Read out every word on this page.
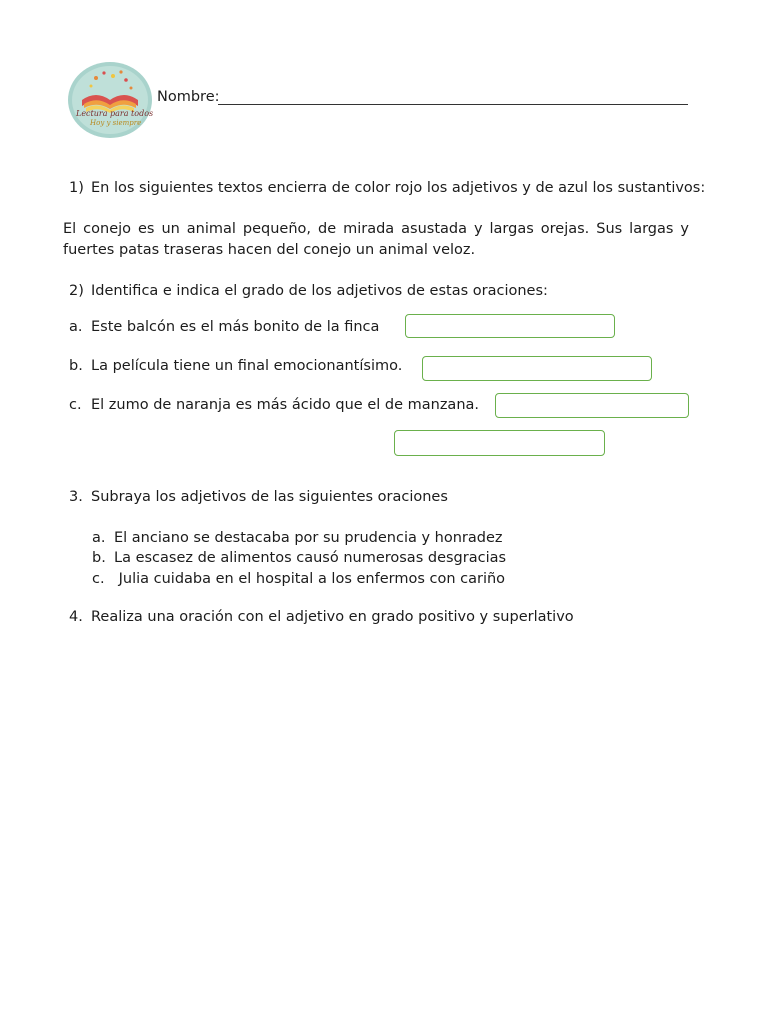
Lectura para todos
Hoy y siempre
Nombre:
1) En los siguientes textos encierra de color rojo los adjetivos y de azul los sustantivos:
El conejo es un animal pequeño, de mirada asustada y largas orejas. Sus largas y fuertes patas traseras hacen del conejo un animal veloz.
2) Identifica e indica el grado de los adjetivos de estas oraciones:
a. Este balcón es el más bonito de la finca
b. La película tiene un final emocionantísimo.
c. El zumo de naranja es más ácido que el de manzana.
3. Subraya los adjetivos de las siguientes oraciones
a. El anciano se destacaba por su prudencia y honradez
b. La escasez de alimentos causó numerosas desgracias
c. Julia cuidaba en el hospital a los enfermos con cariño
4. Realiza una oración con el adjetivo en grado positivo y superlativo
